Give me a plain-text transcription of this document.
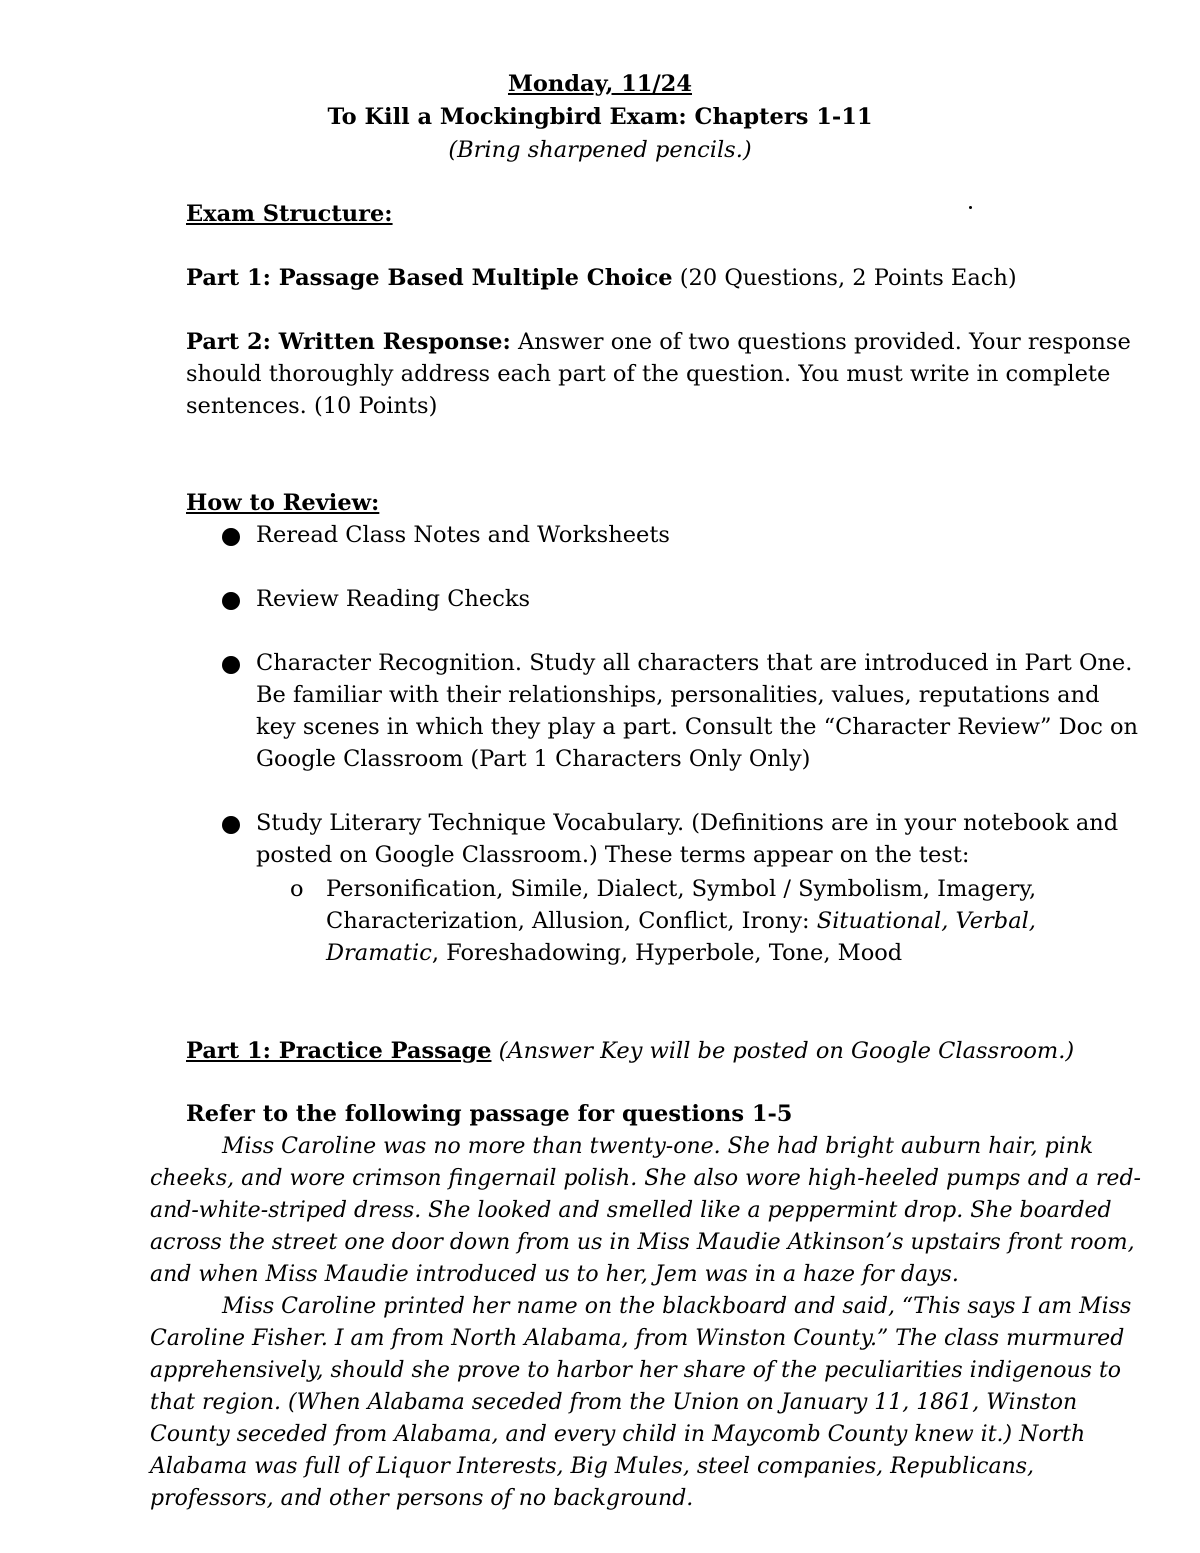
Monday, 11/24

To Kill a Mockingbird Exam: Chapters 1-11

(Bring sharpened pencils.)

Exam Structure:

Part 1: Passage Based Multiple Choice (20 Questions, 2 Points Each)

Part 2: Written Response: Answer one of two questions provided. Your response should thoroughly address each part of the question. You must write in complete sentences. (10 Points)

How to Review:

Reread Class Notes and Worksheets
Review Reading Checks
Character Recognition. Study all characters that are introduced in Part One. Be familiar with their relationships, personalities, values, reputations and key scenes in which they play a part. Consult the “Character Review” Doc on Google Classroom (Part 1 Characters Only Only)
Study Literary Technique Vocabulary. (Definitions are in your notebook and posted on Google Classroom.) These terms appear on the test:
o Personification, Simile, Dialect, Symbol / Symbolism, Imagery, Characterization, Allusion, Conflict, Irony: Situational, Verbal, Dramatic, Foreshadowing, Hyperbole, Tone, Mood

Part 1: Practice Passage (Answer Key will be posted on Google Classroom.)

Refer to the following passage for questions 1-5

Miss Caroline was no more than twenty-one. She had bright auburn hair, pink cheeks, and wore crimson fingernail polish. She also wore high-heeled pumps and a red-and-white-striped dress. She looked and smelled like a peppermint drop. She boarded across the street one door down from us in Miss Maudie Atkinson’s upstairs front room, and when Miss Maudie introduced us to her, Jem was in a haze for days.

Miss Caroline printed her name on the blackboard and said, “This says I am Miss Caroline Fisher. I am from North Alabama, from Winston County.” The class murmured apprehensively, should she prove to harbor her share of the peculiarities indigenous to that region. (When Alabama seceded from the Union on January 11, 1861, Winston County seceded from Alabama, and every child in Maycomb County knew it.) North Alabama was full of Liquor Interests, Big Mules, steel companies, Republicans, professors, and other persons of no background.
